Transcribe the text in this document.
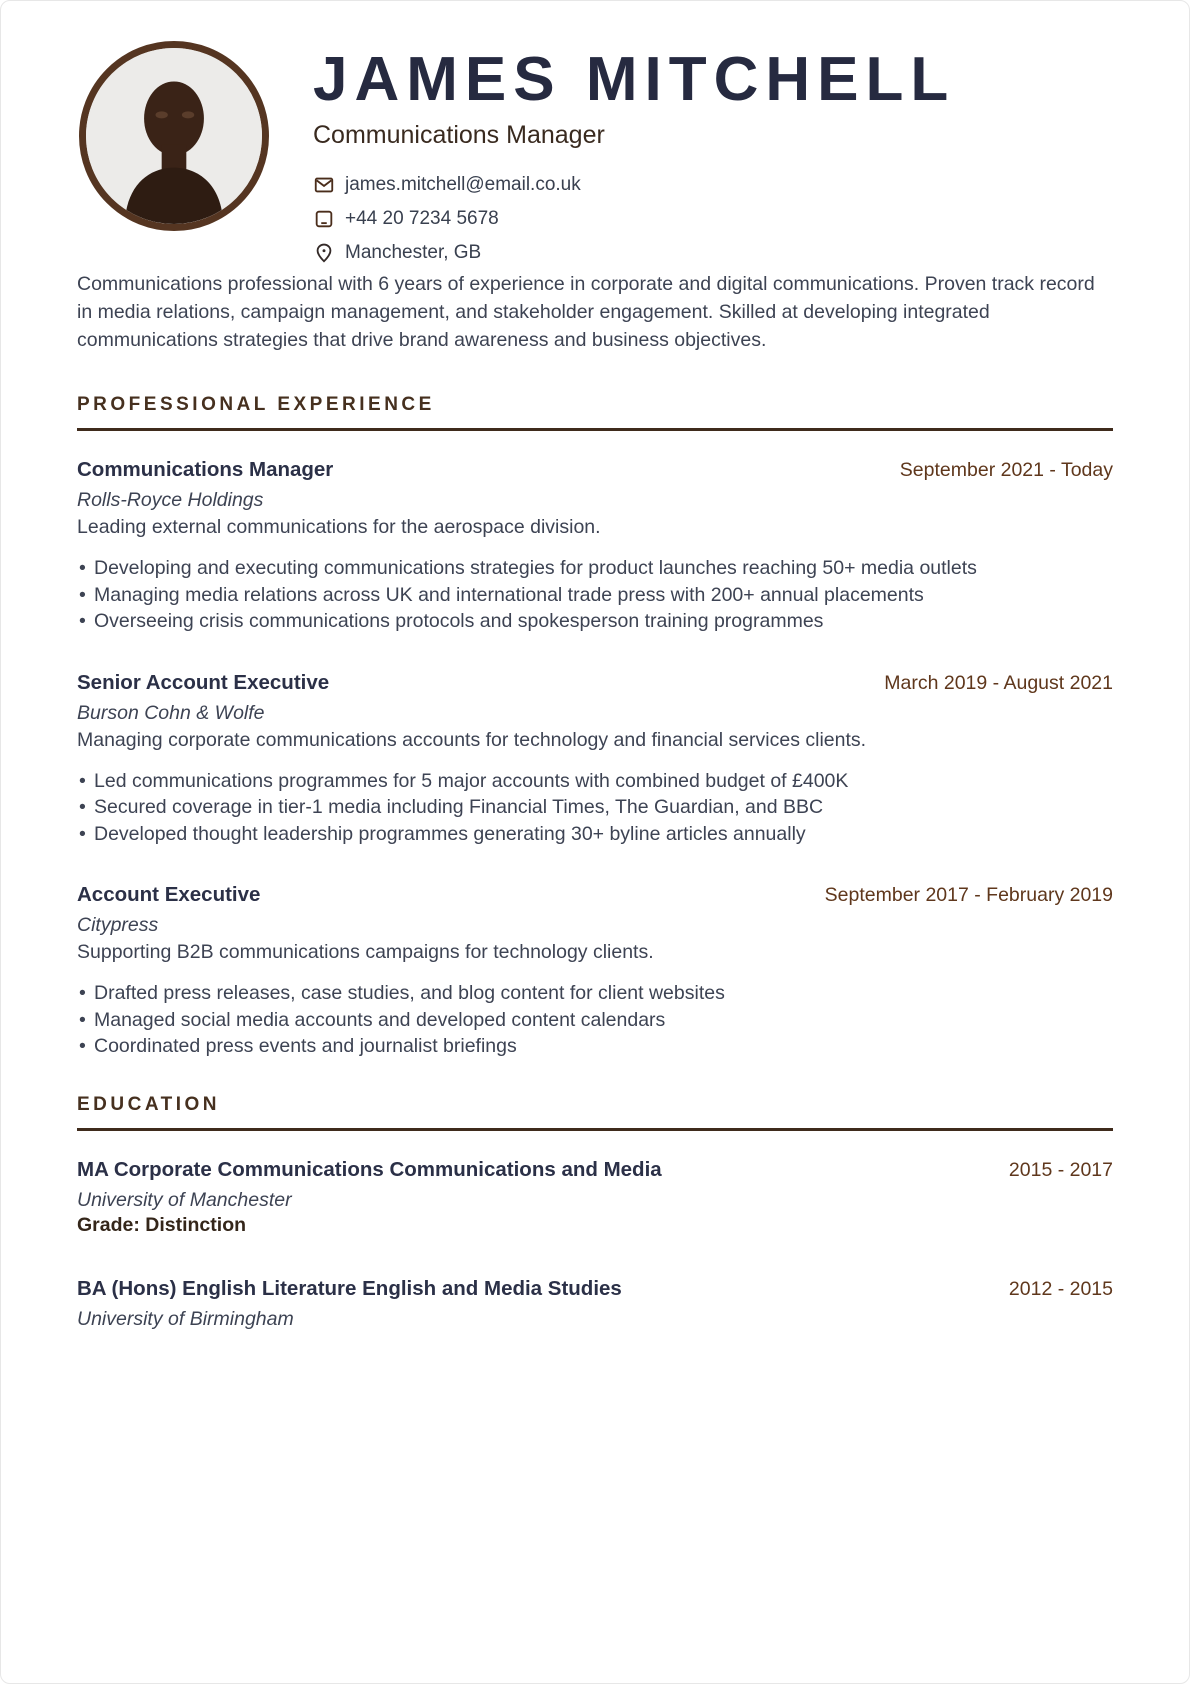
JAMES MITCHELL
Communications Manager
james.mitchell@email.co.uk
+44 20 7234 5678
Manchester, GB

Communications professional with 6 years of experience in corporate and digital communications. Proven track record in media relations, campaign management, and stakeholder engagement. Skilled at developing integrated communications strategies that drive brand awareness and business objectives.

PROFESSIONAL EXPERIENCE
Communications Manager	September 2021 - Today
Rolls-Royce Holdings
Leading external communications for the aerospace division.
• Developing and executing communications strategies for product launches reaching 50+ media outlets
• Managing media relations across UK and international trade press with 200+ annual placements
• Overseeing crisis communications protocols and spokesperson training programmes
Senior Account Executive	March 2019 - August 2021
Burson Cohn & Wolfe
Managing corporate communications accounts for technology and financial services clients.
• Led communications programmes for 5 major accounts with combined budget of £400K
• Secured coverage in tier-1 media including Financial Times, The Guardian, and BBC
• Developed thought leadership programmes generating 30+ byline articles annually
Account Executive	September 2017 - February 2019
Citypress
Supporting B2B communications campaigns for technology clients.
• Drafted press releases, case studies, and blog content for client websites
• Managed social media accounts and developed content calendars
• Coordinated press events and journalist briefings
EDUCATION
MA Corporate Communications Communications and Media	2015 - 2017
University of Manchester
Grade: Distinction
BA (Hons) English Literature English and Media Studies	2012 - 2015
University of Birmingham
